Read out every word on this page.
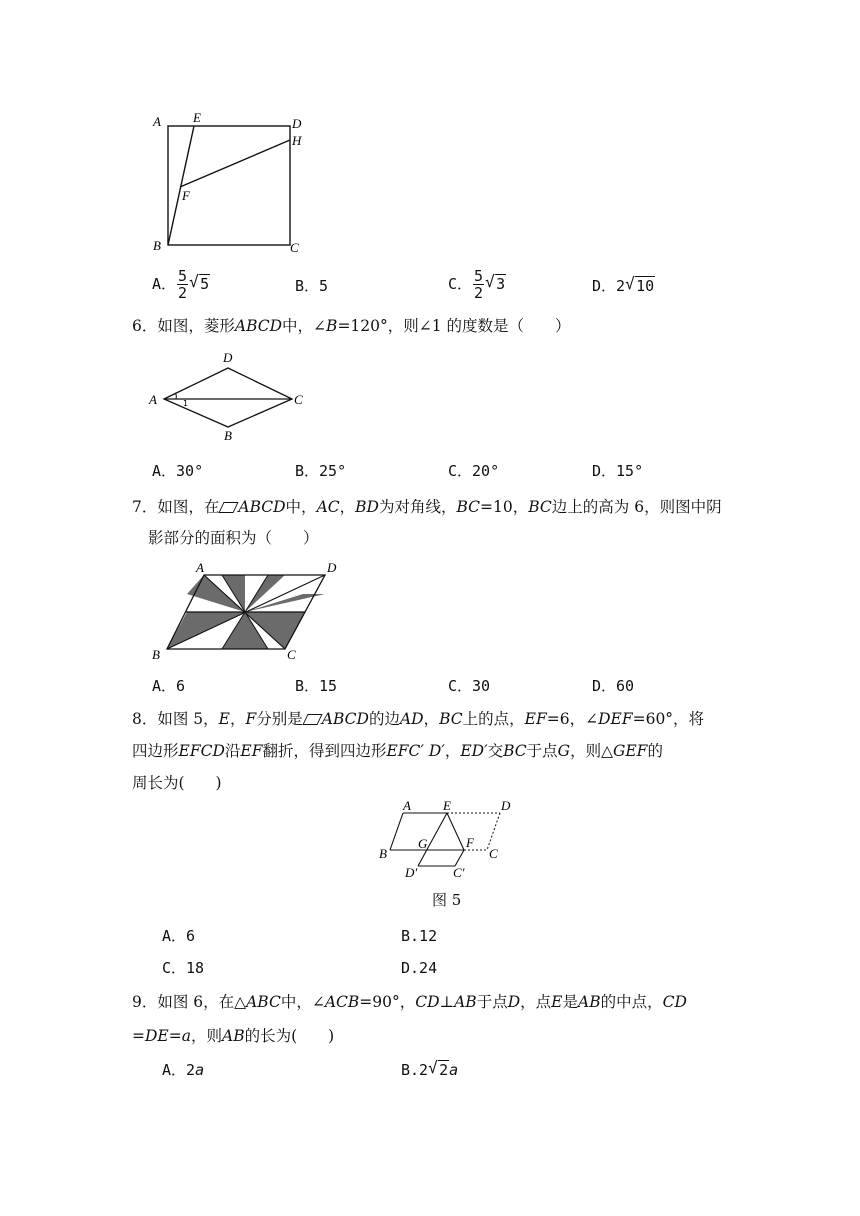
A E	D
H
F
B	C
A． $\frac{5}{2}$ √ 5	B．5	C． $\frac{5}{2}$ √ 3	D．2 √ 10
6．如图，菱形ABCD中，∠B=120°，则∠1 的度数是（　　）
A
D
C
B
1
A．30°	B．25°	C．20°	D．15°
7．如图，在 ABCD中，AC，BD为对角线，BC=10，BC边上的高为 6，则图中阴
影部分的面积为（　　）
A	D
B	C
A．6	B．15	C．30	D．60
8．如图 5，E，F分别是 ABCD的边AD，BC上的点，EF=6，∠DEF=60°，将
四边形EFCD沿EF翻折，得到四边形EFC′ D′，ED′交BC于点G，则△GEF的
周长为(　　)
A E	D
B
G	F
C
D′	C′
图 5
A．6	B.12
C．18	D.24
9．如图 6，在△ABC中，∠ACB=90°，CD⊥AB于点D，点E是AB的中点，CD
=DE=a，则AB的长为(　　)
A．2a	B.2 √ 2a
